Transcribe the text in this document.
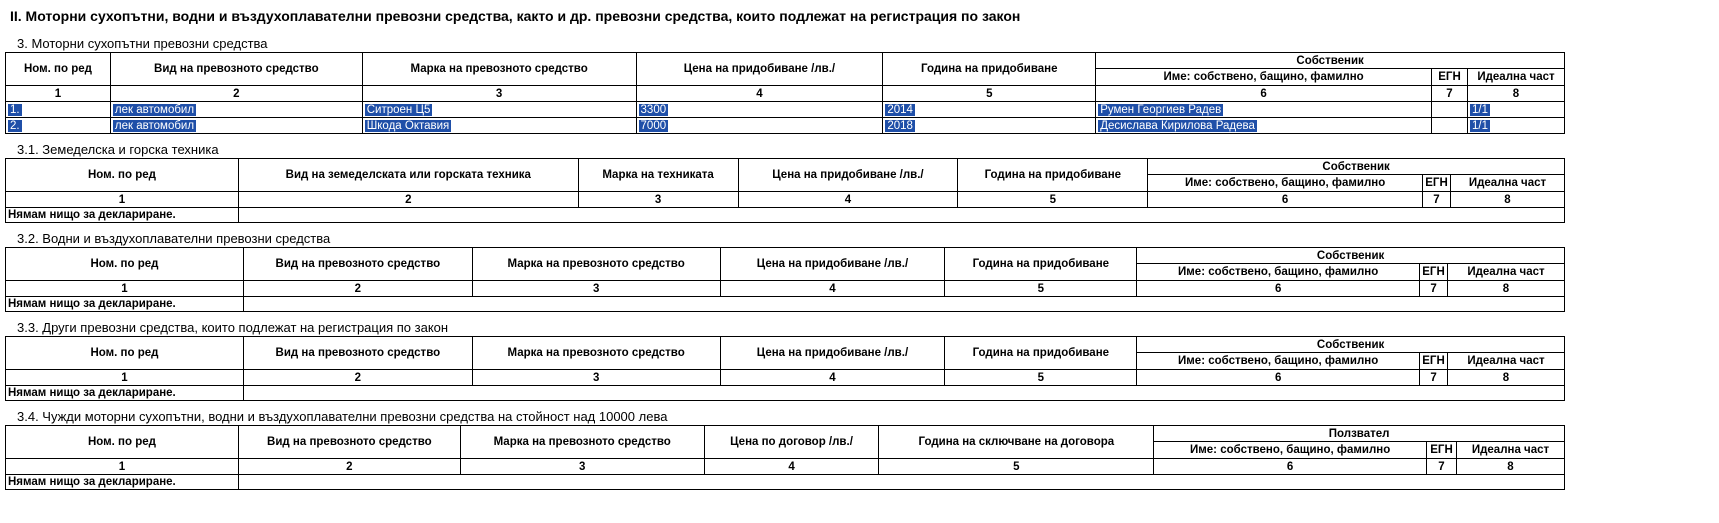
II. Моторни сухопътни, водни и въздухоплавателни превозни средства, както и др. превозни средства, които подлежат на регистрация по закон
3. Моторни сухопътни превозни средства
Ном. по ред	Вид на превозното средство	Марка на превозното средство	Цена на придобиване /лв./	Година на придобиване	Собственик		
					Име: собствено, бащино, фамилно	ЕГН	Идеална част
1	2	3	4	5	6	7	8
1.	лек автомобил	Ситроен Ц5	3300	2014	Румен Георгиев Радев		1/1
2.	лек автомобил	Шкода Октавия	7000	2018	Десислава Кирилова Радева		1/1
3.1. Земеделска и горска техника
Ном. по ред	Вид на земеделската или горската техника	Марка на техниката	Цена на придобиване /лв./	Година на придобиване	Собственик		
					Име: собствено, бащино, фамилно	ЕГН	Идеална част
1	2	3	4	5	6	7	8
Нямам нищо за деклариране.							
3.2. Водни и въздухоплавателни превозни средства
Ном. по ред	Вид на превозното средство	Марка на превозното средство	Цена на придобиване /лв./	Година на придобиване	Собственик		
					Име: собствено, бащино, фамилно	ЕГН	Идеална част
1	2	3	4	5	6	7	8
Нямам нищо за деклариране.							
3.3. Други превозни средства, които подлежат на регистрация по закон
Ном. по ред	Вид на превозното средство	Марка на превозното средство	Цена на придобиване /лв./	Година на придобиване	Собственик		
					Име: собствено, бащино, фамилно	ЕГН	Идеална част
1	2	3	4	5	6	7	8
Нямам нищо за деклариране.							
3.4. Чужди моторни сухопътни, водни и въздухоплавателни превозни средства на стойност над 10000 лева
Ном. по ред	Вид на превозното средство	Марка на превозното средство	Цена по договор /лв./	Година на сключване на договора	Ползвател		
					Име: собствено, бащино, фамилно	ЕГН	Идеална част
1	2	3	4	5	6	7	8
Нямам нищо за деклариране.							
